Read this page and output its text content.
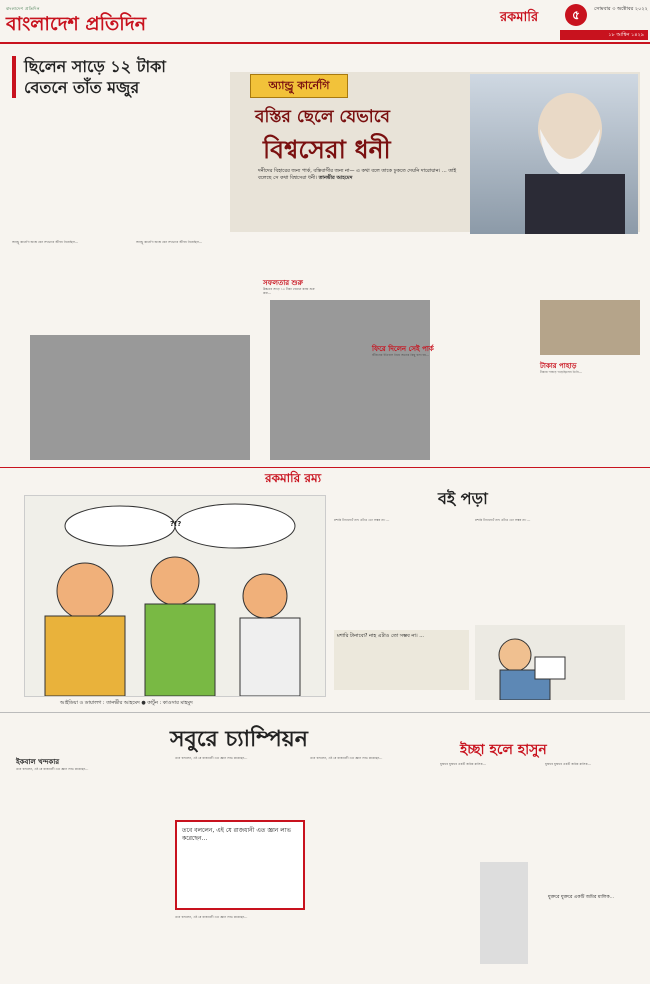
বাংলাদেশ প্রতিদিন
বাংলাদেশ প্রতিদিন	রকমারি	৫	সোমবার ৩ অক্টোবর ২০২২
১৮ আশ্বিন ১৪২৯
ছিলেন সাড়ে ১২ টাকা
বেতনে তাঁত মজুর	অ্যান্ড্রু কার্নেগি
বস্তির ছেলে যেভাবে
বিশ্বসেরা ধনী
দনীদের বিহারের জন্য পার্ক, বস্তিবাসীর জন্য না— এ কথা বলে তাকে ঢুকতে দেয়নি দারোয়ান। ... তাই বলেছে সে কথা বিশ্বসেরা ধনী। তানভীর আহমেদ
অ্যান্ড্রু কার্নেগি জন্মে যেন সৎভাবে জীবন নিয়েছিল...	অ্যান্ড্রু কার্নেগি জন্মে যেন সৎভাবে জীবন নিয়েছিল...
সফলতার শুরু
উচ্চতর সাড়ে ১২ টাকা বেতনে কাজ শুরু করা...
ফিরে দিলেন সেই পার্ক
জীবনের ইতিহাস নিয়ে অনেক কিছু বলা হয়...
টাকার পাহাড়
টাকার পাহাড় গড়েছিলেন তিনি...
রকমারি রম্য
?!?
আইডিয়া ও ডায়ালগ : তানভীর আহমেদ ● কার্টুন : কাওসার মাহমুদ
বই পড়া
মশারি টানাবো? নাহ এটাও তো সম্ভব না। ...	মশারি টানাবো? নাহ এটাও তো সম্ভব না। ...
মশারি টানাবো? নাহ এটাও তো সম্ভব না। ...
সবুরে চ্যাম্পিয়ন
ইকবাল খন্দকার
তবে বললেন, এই যে রাজধানী এত জ্ঞান লাভ করেছেন...
তবে বললেন, এই যে রাজধানী এত জ্ঞান লাভ করেছেন...
তবে বললেন, এই যে রাজধানী এত জ্ঞান লাভ করেছেন...
তবে বললেন, এই যে রাজধানী এত জ্ঞান লাভ করেছেন...
তবে বললেন, এই যে রাজধানী এত জ্ঞান লাভ করেছেন...
ইচ্ছা হলে হাসুন
যুক্তরে যুক্তরে একটি জমির মালিক...	যুক্তরে যুক্তরে একটি জমির মালিক...
যুক্তরে যুক্তরে একটি জমির মালিক...
